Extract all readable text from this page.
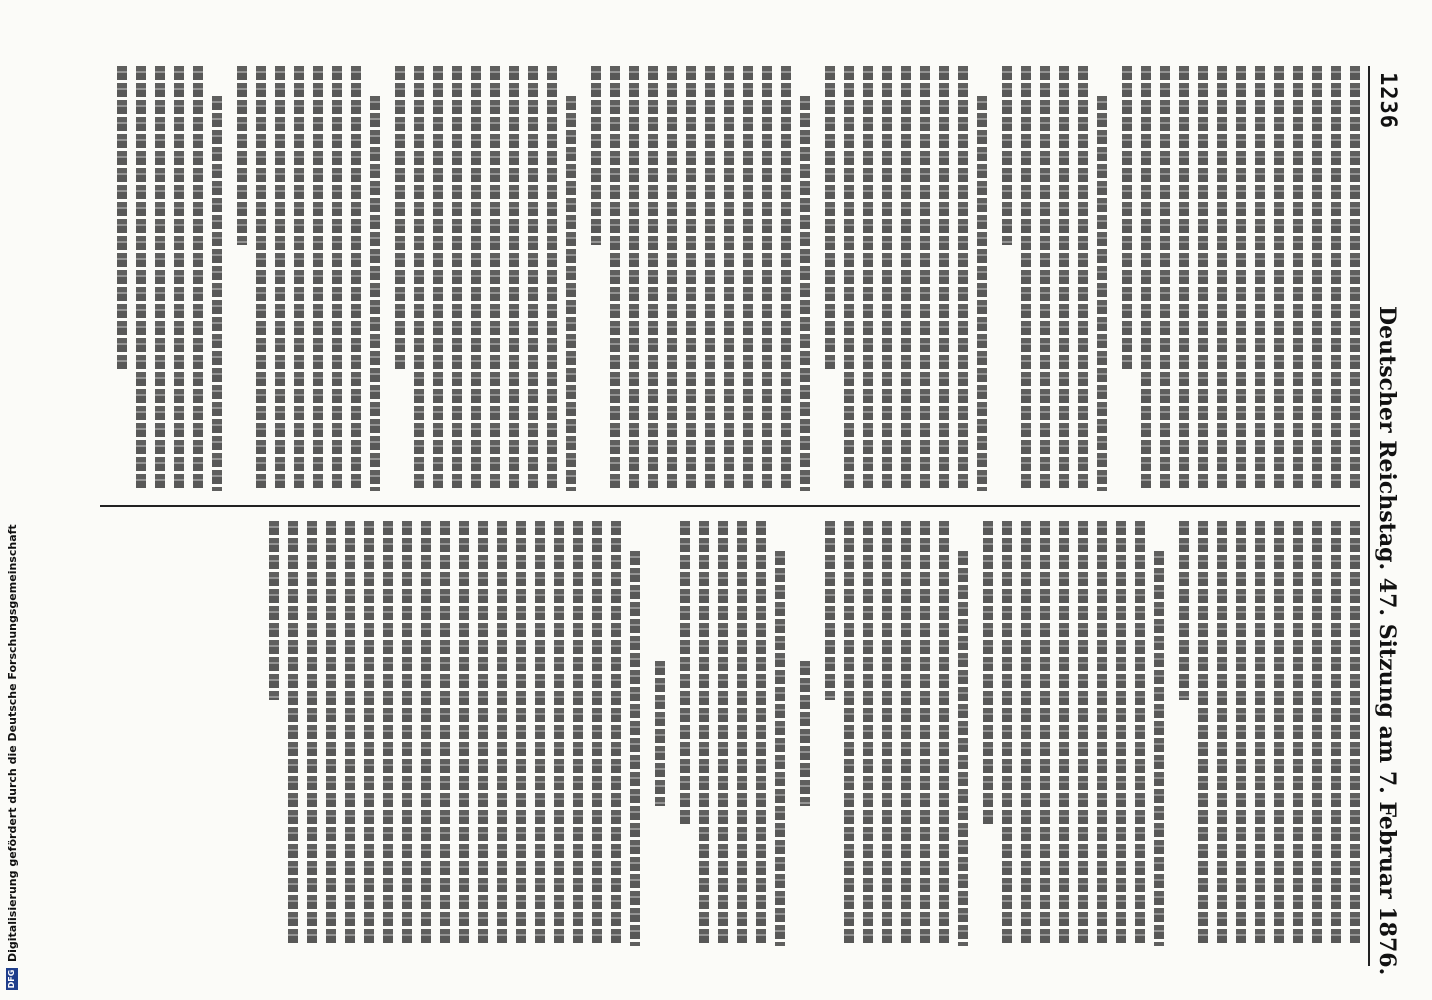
DFG
Digitalisierung gefördert durch die Deutsche Forschungsgemeinschaft
1236
Deutscher Reichstag. 47. Sitzung am 7. Februar 1876.
